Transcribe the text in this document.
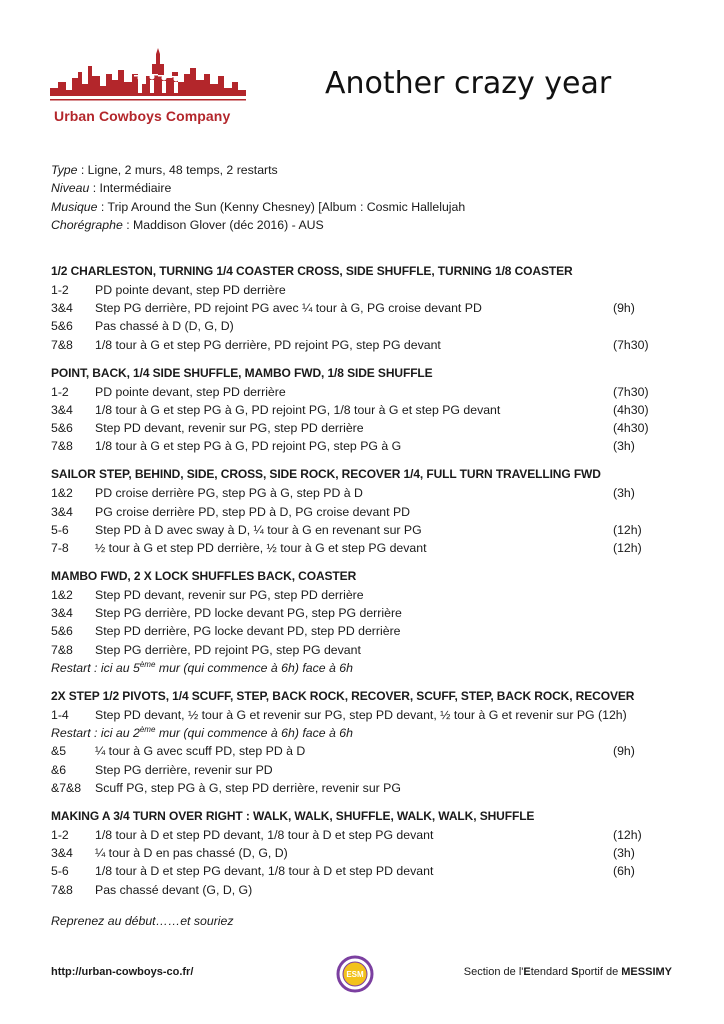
Urban Cowboys Company
Another crazy year
Type : Ligne, 2 murs, 48 temps, 2 restarts
Niveau : Intermédiaire
Musique : Trip Around the Sun (Kenny Chesney) [Album : Cosmic Hallelujah
Chorégraphe : Maddison Glover (déc 2016) - AUS
1/2 CHARLESTON, TURNING 1/4 COASTER CROSS, SIDE SHUFFLE, TURNING 1/8 COASTER
1-2	PD pointe devant, step PD derrière
3&4	Step PG derrière, PD rejoint PG avec ¼ tour à G, PG croise devant PD	(9h)
5&6	Pas chassé à D (D, G, D)
7&8	1/8 tour à G et step PG derrière, PD rejoint PG, step PG devant	(7h30)
POINT, BACK, 1/4 SIDE SHUFFLE, MAMBO FWD, 1/8 SIDE SHUFFLE
1-2	PD pointe devant, step PD derrière	(7h30)
3&4	1/8 tour à G et step PG à G, PD rejoint PG, 1/8 tour à G et step PG devant	(4h30)
5&6	Step PD devant, revenir sur PG, step PD derrière	(4h30)
7&8	1/8 tour à G et step PG à G, PD rejoint PG, step PG à G	(3h)
SAILOR STEP, BEHIND, SIDE, CROSS, SIDE ROCK, RECOVER 1/4, FULL TURN TRAVELLING FWD
1&2	PD croise derrière PG, step PG à G, step PD à D	(3h)
3&4	PG croise derrière PD, step PD à D, PG croise devant PD
5-6	Step PD à D avec sway à D, ¼ tour à G en revenant sur PG	(12h)
7-8	½ tour à G et step PD derrière, ½ tour à G et step PG devant	(12h)
MAMBO FWD, 2 X LOCK SHUFFLES BACK, COASTER
1&2	Step PD devant, revenir sur PG, step PD derrière
3&4	Step PG derrière, PD locke devant PG, step PG derrière
5&6	Step PD derrière, PG locke devant PD, step PD derrière
7&8	Step PG derrière, PD rejoint PG, step PG devant
Restart : ici au 5ème mur (qui commence à 6h) face à 6h
2X STEP 1/2 PIVOTS, 1/4 SCUFF, STEP, BACK ROCK, RECOVER, SCUFF, STEP, BACK ROCK, RECOVER
1-4	Step PD devant, ½ tour à G et revenir sur PG, step PD devant, ½ tour à G et revenir sur PG (12h)
Restart : ici au 2ème mur (qui commence à 6h) face à 6h
&5	¼ tour à G avec scuff PD, step PD à D	(9h)
&6	Step PG derrière, revenir sur PD
&7&8	Scuff PG, step PG à G, step PD derrière, revenir sur PG
MAKING A 3/4 TURN OVER RIGHT : WALK, WALK, SHUFFLE, WALK, WALK, SHUFFLE
1-2	1/8 tour à D et step PD devant, 1/8 tour à D et step PG devant	(12h)
3&4	¼ tour à D en pas chassé (D, G, D)	(3h)
5-6	1/8 tour à D et step PG devant, 1/8 tour à D et step PD devant	(6h)
7&8	Pas chassé devant (G, D, G)
Reprenez au début……et souriez
http://urban-cowboys-co.fr/	ESM	Section de l'Etendard Sportif de MESSIMY
